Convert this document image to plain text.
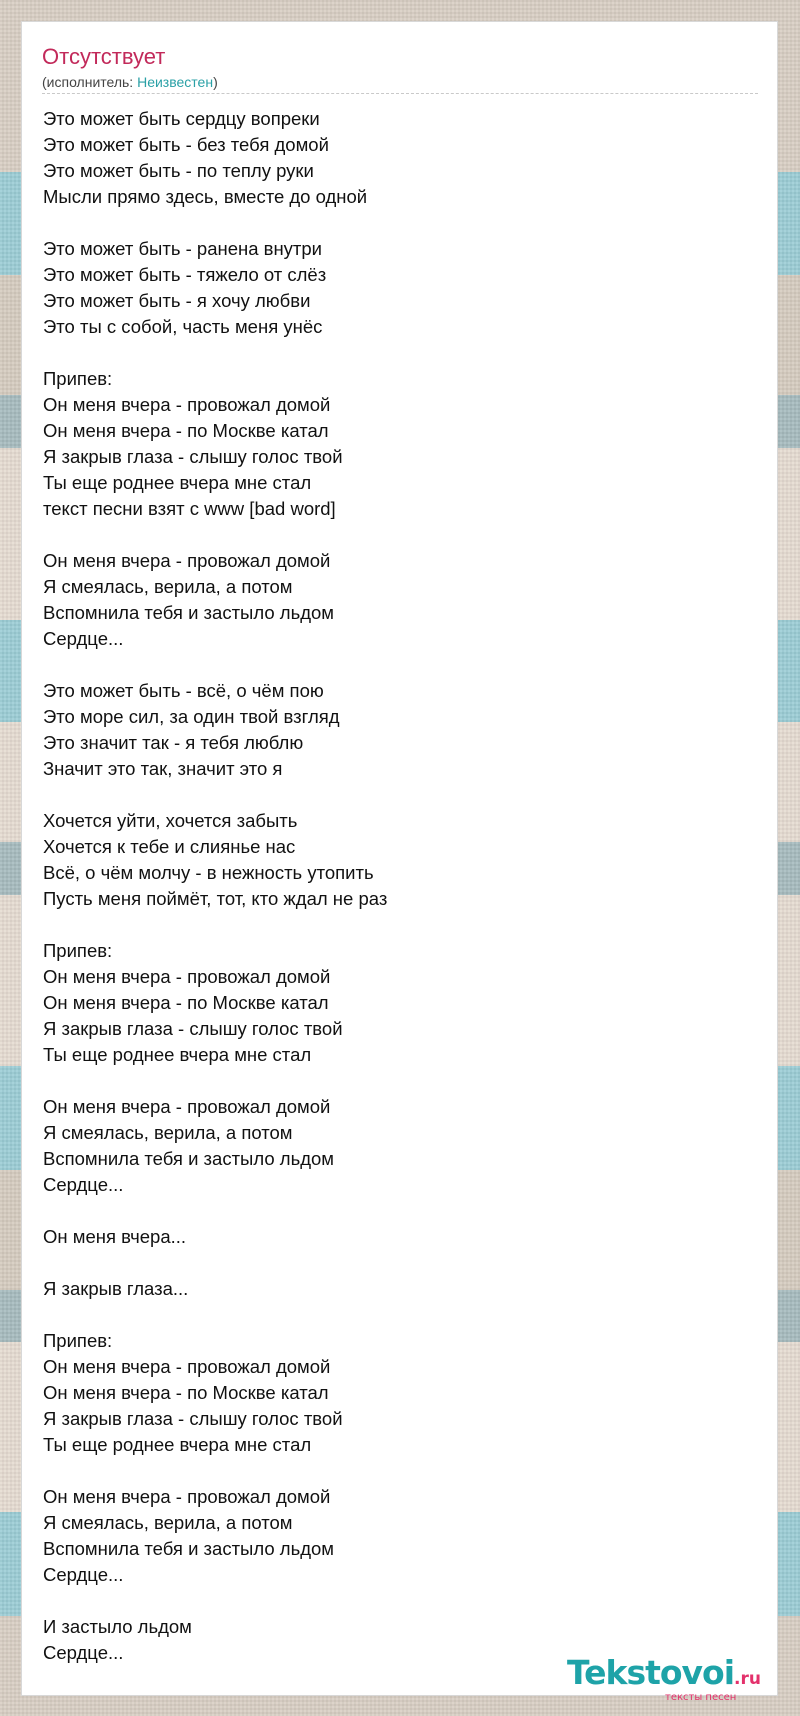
Отсутствует
(исполнитель: Неизвестен)
Это может быть сердцу вопреки
Это может быть - без тебя домой
Это может быть - по теплу руки
Мысли прямо здесь, вместе до одной

Это может быть - ранена внутри
Это может быть - тяжело от слёз
Это может быть - я хочу любви
Это ты с собой, часть меня унёс

Припев:
Он меня вчера - провожал домой
Он меня вчера - по Москве катал
Я закрыв глаза - слышу голос твой
Ты еще роднее вчера мне стал
текст песни взят с www [bad word]

Он меня вчера - провожал домой
Я смеялась, верила, а потом
Вспомнила тебя и застыло льдом
Сердце...

Это может быть - всё, о чём пою
Это море сил, за один твой взгляд
Это значит так - я тебя люблю
Значит это так, значит это я

Хочется уйти, хочется забыть
Хочется к тебе и слиянье нас
Всё, о чём молчу - в нежность утопить
Пусть меня поймёт, тот, кто ждал не раз

Припев:
Он меня вчера - провожал домой
Он меня вчера - по Москве катал
Я закрыв глаза - слышу голос твой
Ты еще роднее вчера мне стал

Он меня вчера - провожал домой
Я смеялась, верила, а потом
Вспомнила тебя и застыло льдом
Сердце...

Он меня вчера...

Я закрыв глаза...

Припев:
Он меня вчера - провожал домой
Он меня вчера - по Москве катал
Я закрыв глаза - слышу голос твой
Ты еще роднее вчера мне стал

Он меня вчера - провожал домой
Я смеялась, верила, а потом
Вспомнила тебя и застыло льдом
Сердце...

И застыло льдом
Сердце...
Tekstovoi.ru
тексты песен
